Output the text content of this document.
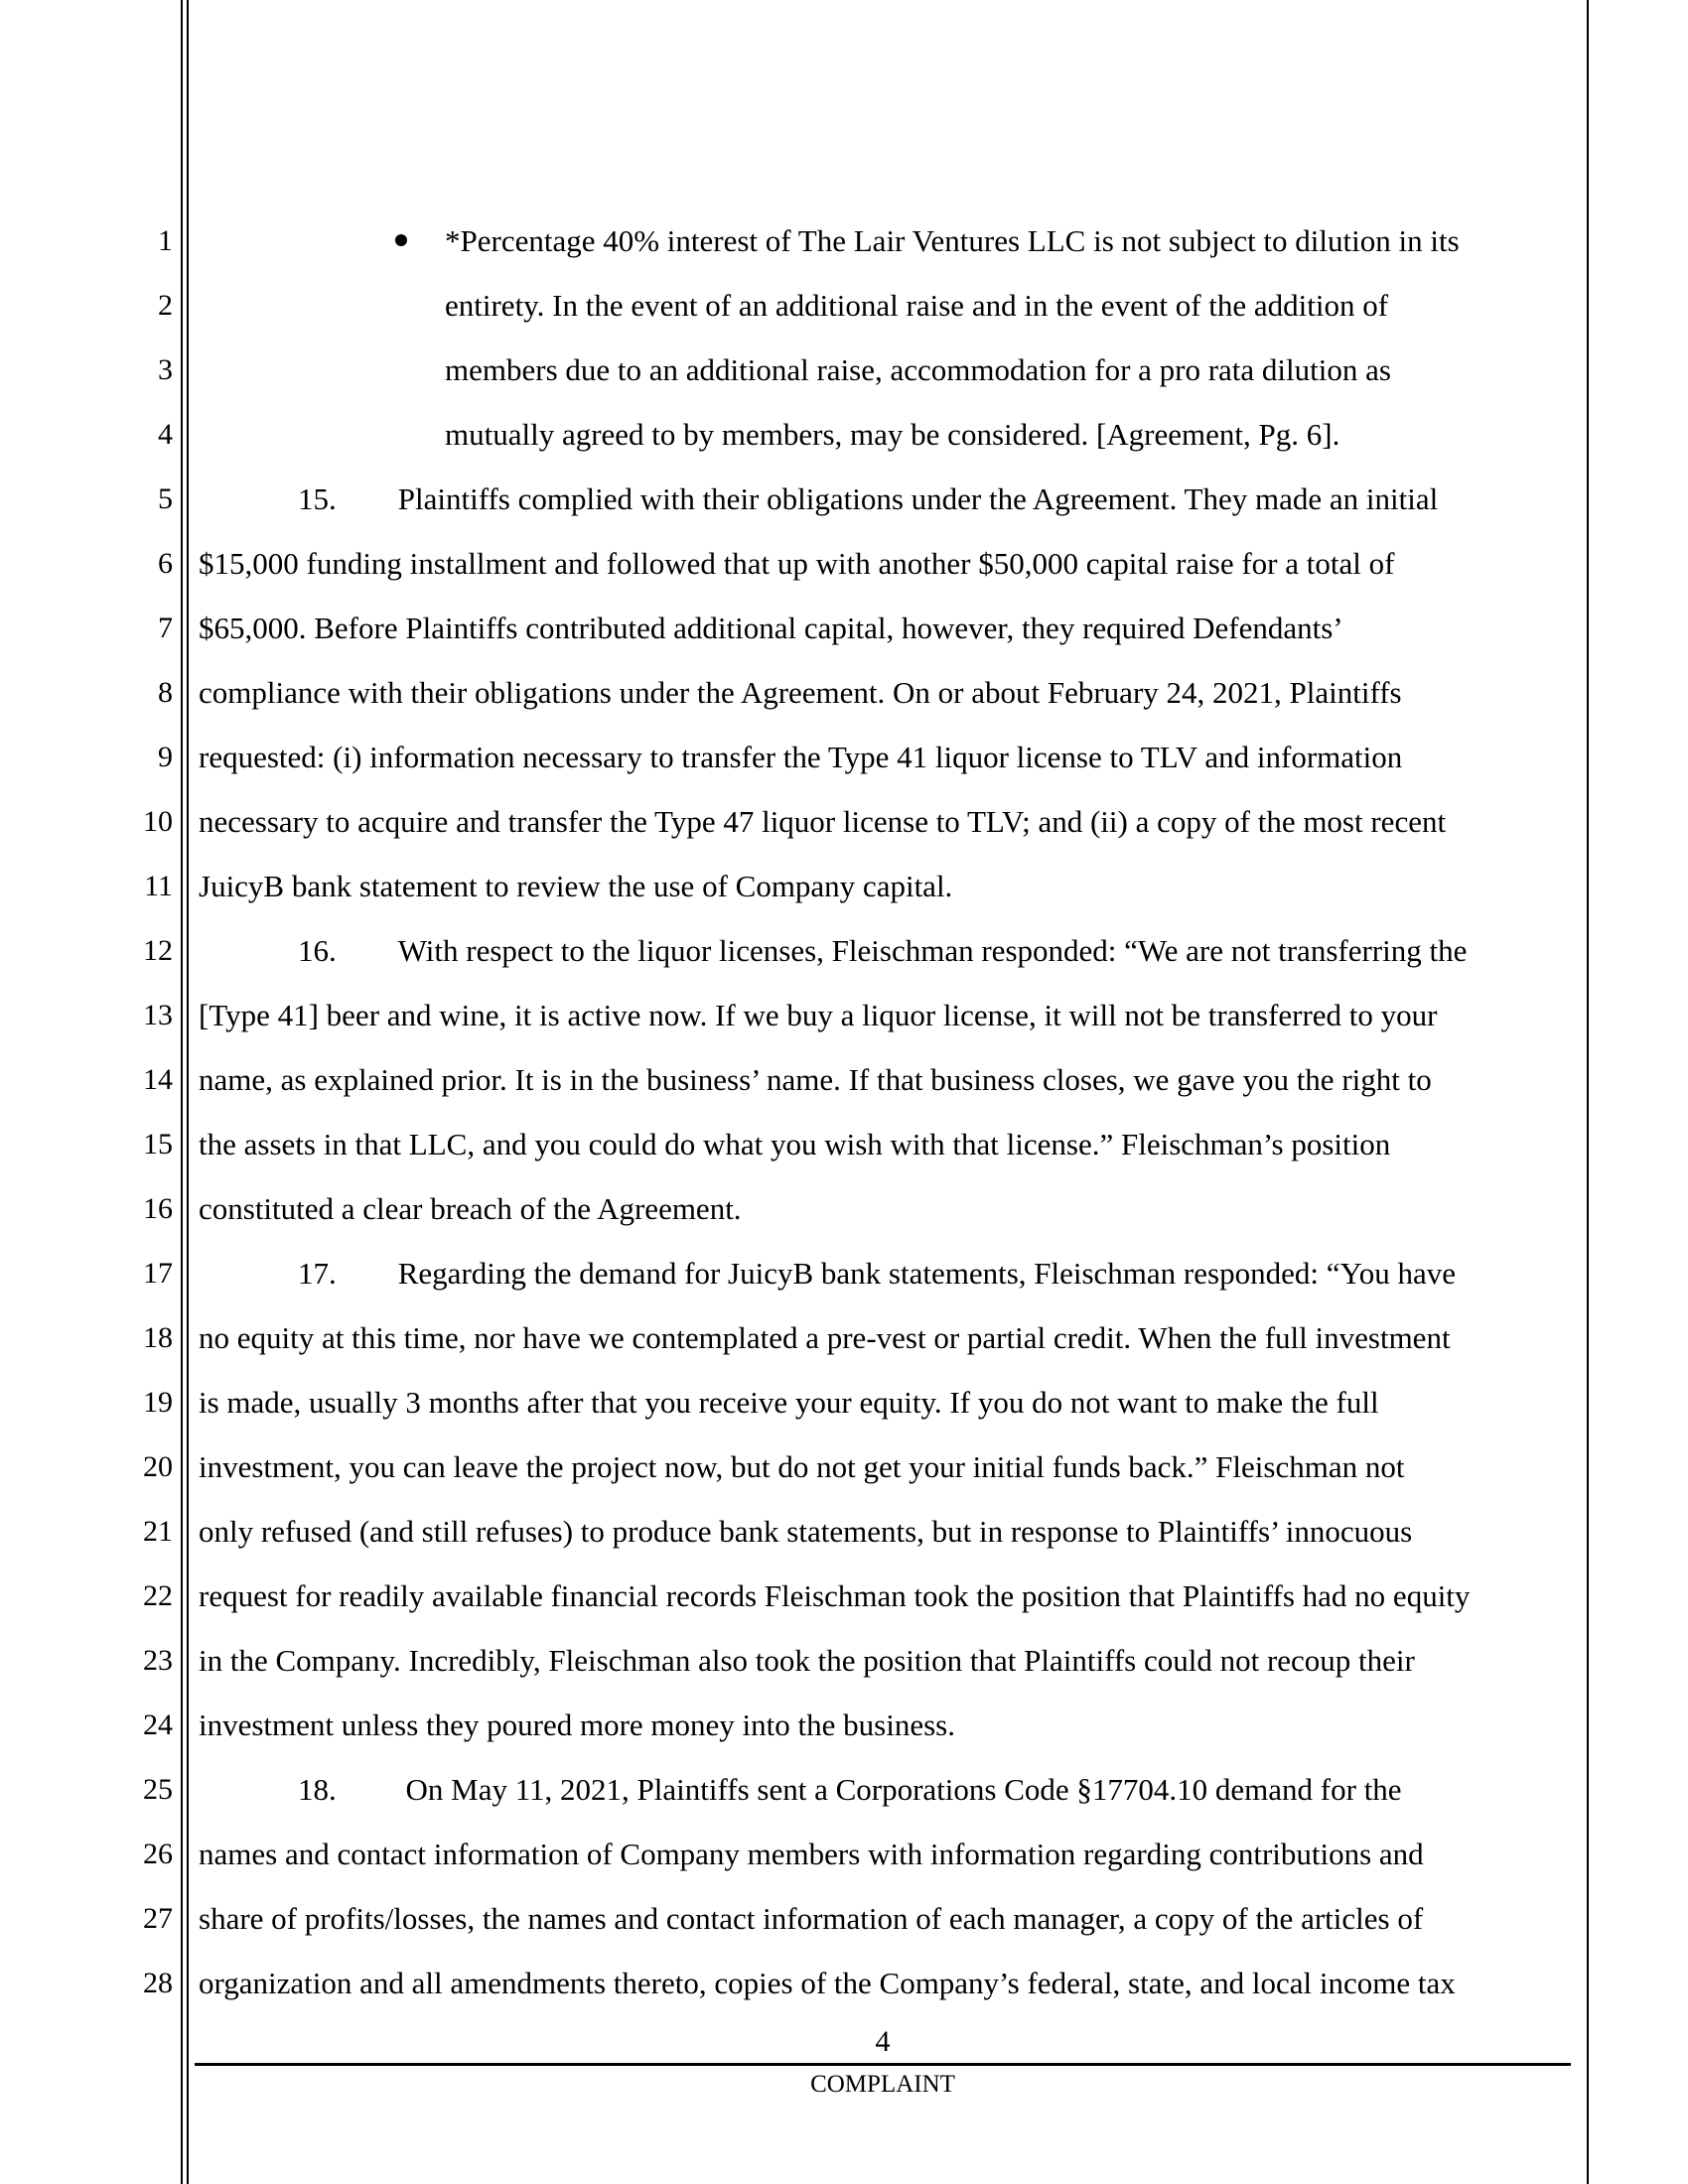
1
2
3
4
5
6
7
8
9
10
11
12
13
14
15
16
17
18
19
20
21
22
23
24
25
26
27
28
*Percentage 40% interest of The Lair Ventures LLC is not subject to dilution in its
entirety. In the event of an additional raise and in the event of the addition of
members due to an additional raise, accommodation for a pro rata dilution as
mutually agreed to by members, may be considered. [Agreement, Pg. 6].
15.  Plaintiffs complied with their obligations under the Agreement. They made an initial
$15,000 funding installment and followed that up with another $50,000 capital raise for a total of
$65,000. Before Plaintiffs contributed additional capital, however, they required Defendants’
compliance with their obligations under the Agreement. On or about February 24, 2021, Plaintiffs
requested: (i) information necessary to transfer the Type 41 liquor license to TLV and information
necessary to acquire and transfer the Type 47 liquor license to TLV; and (ii) a copy of the most recent
JuicyB bank statement to review the use of Company capital.
16.  With respect to the liquor licenses, Fleischman responded: “We are not transferring the
[Type 41] beer and wine, it is active now. If we buy a liquor license, it will not be transferred to your
name, as explained prior. It is in the business’ name. If that business closes, we gave you the right to
the assets in that LLC, and you could do what you wish with that license.” Fleischman’s position
constituted a clear breach of the Agreement.
17.  Regarding the demand for JuicyB bank statements, Fleischman responded: “You have
no equity at this time, nor have we contemplated a pre-vest or partial credit. When the full investment
is made, usually 3 months after that you receive your equity. If you do not want to make the full
investment, you can leave the project now, but do not get your initial funds back.” Fleischman not
only refused (and still refuses) to produce bank statements, but in response to Plaintiffs’ innocuous
request for readily available financial records Fleischman took the position that Plaintiffs had no equity
in the Company. Incredibly, Fleischman also took the position that Plaintiffs could not recoup their
investment unless they poured more money into the business.
18.   On May 11, 2021, Plaintiffs sent a Corporations Code §17704.10 demand for the
names and contact information of Company members with information regarding contributions and
share of profits/losses, the names and contact information of each manager, a copy of the articles of
organization and all amendments thereto, copies of the Company’s federal, state, and local income tax
4
COMPLAINT
